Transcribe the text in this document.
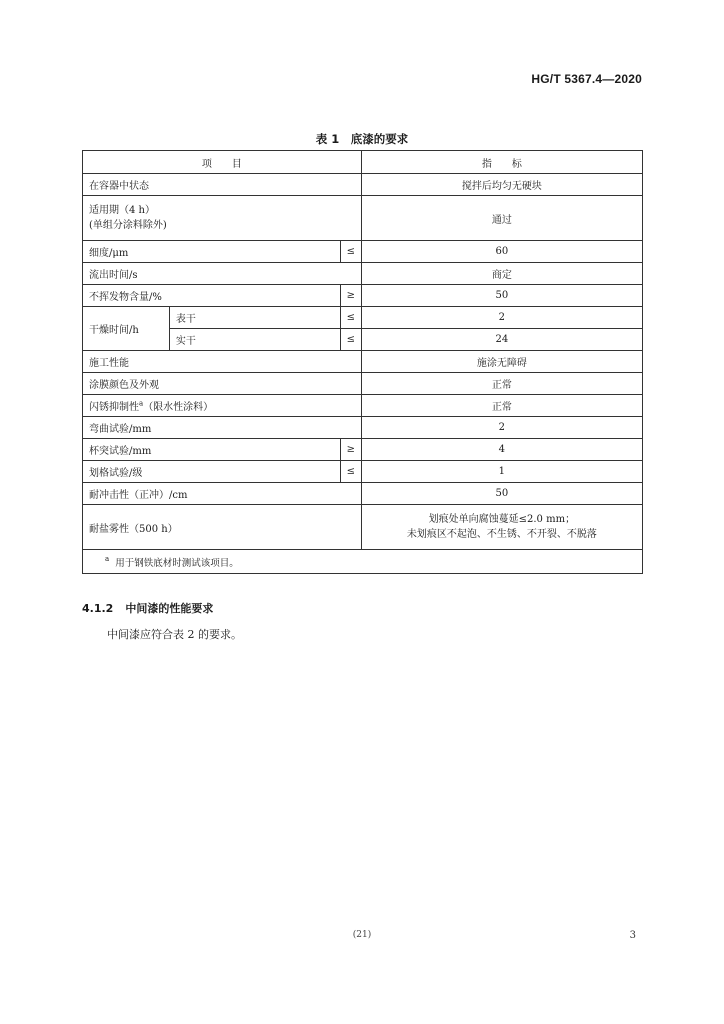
HG/T 5367.4—2020
表 1　底漆的要求
项　　目			指　　标
在容器中状态			搅拌后均匀无硬块

适用期（4 h）
(单组分涂料除外)			通过
细度/μm		≤	60
流出时间/s			商定
不挥发物含量/%		≥	50
干燥时间/h	表干	≤	2
	实干	≤	24
施工性能			施涂无障碍
涂膜颜色及外观			正常
闪锈抑制性$^a$（限水性涂料）			正常
弯曲试验/mm			2
杯突试验/mm		≥	4
划格试验/级		≤	1
耐冲击性（正冲）/cm			50
耐盐雾性（500 h）			划痕处单向腐蚀蔓延≤2.0 mm；
未划痕区不起泡、不生锈、不开裂、不脱落

$^a$ 用于钢铁底材时测试该项目。			
4.1.2 中间漆的性能要求
中间漆应符合表 2 的要求。
(21)	3
